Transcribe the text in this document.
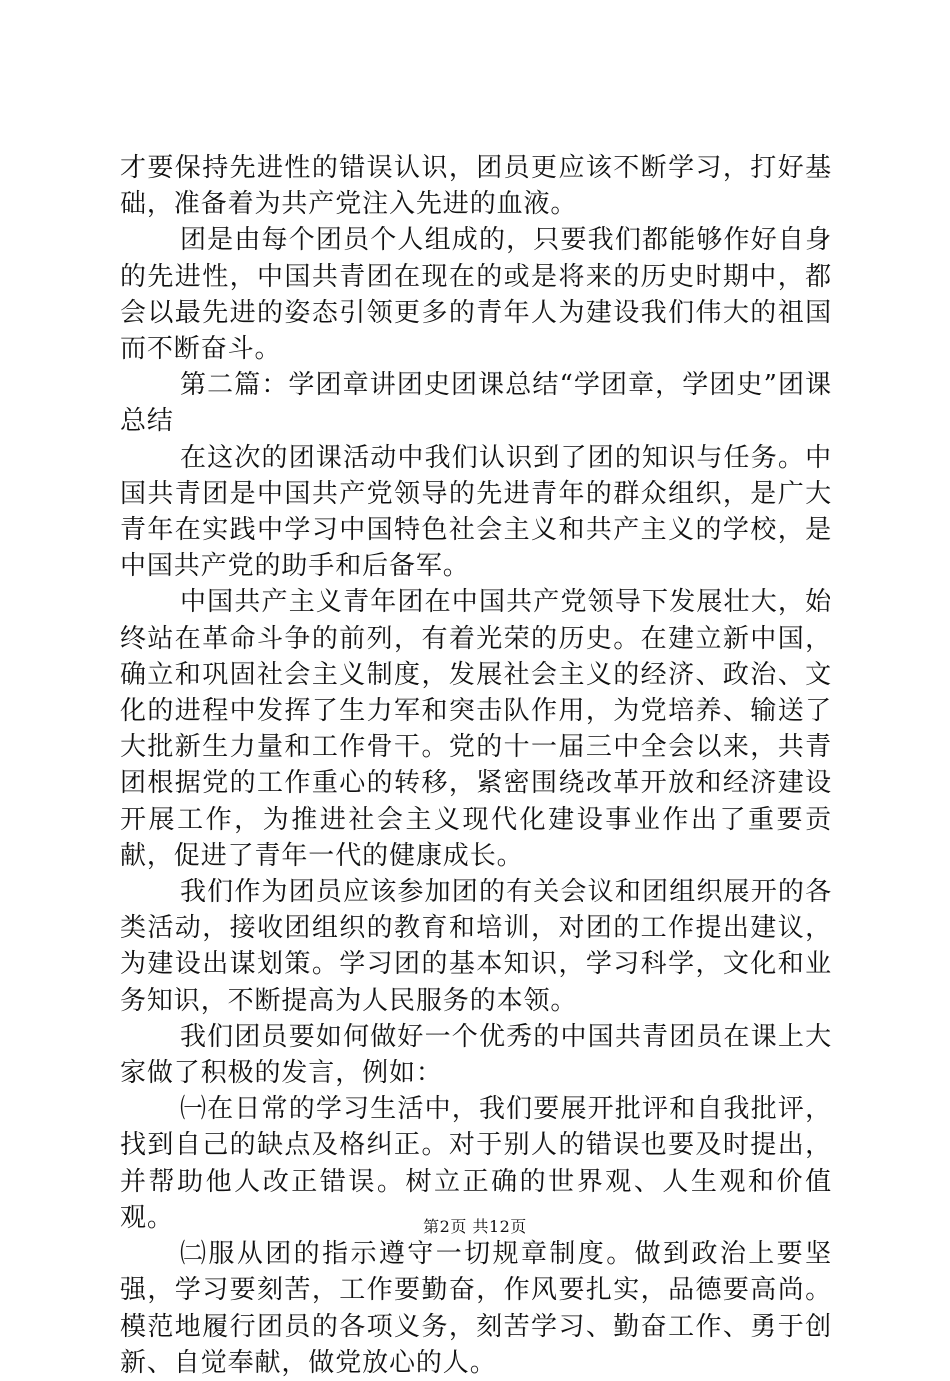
才要保持先进性的错误认识，团员更应该不断学习，打好基础，准备着为共产党注入先进的血液。

团是由每个团员个人组成的，只要我们都能够作好自身的先进性，中国共青团在现在的或是将来的历史时期中，都会以最先进的姿态引领更多的青年人为建设我们伟大的祖国而不断奋斗。

第二篇：学团章讲团史团课总结“学团章，学团史”团课总结

在这次的团课活动中我们认识到了团的知识与任务。中国共青团是中国共产党领导的先进青年的群众组织，是广大青年在实践中学习中国特色社会主义和共产主义的学校，是中国共产党的助手和后备军。

中国共产主义青年团在中国共产党领导下发展壮大，始终站在革命斗争的前列，有着光荣的历史。在建立新中国，确立和巩固社会主义制度，发展社会主义的经济、政治、文化的进程中发挥了生力军和突击队作用，为党培养、输送了大批新生力量和工作骨干。党的十一届三中全会以来，共青团根据党的工作重心的转移，紧密围绕改革开放和经济建设开展工作，为推进社会主义现代化建设事业作出了重要贡献，促进了青年一代的健康成长。

我们作为团员应该参加团的有关会议和团组织展开的各类活动，接收团组织的教育和培训，对团的工作提出建议，为建设出谋划策。学习团的基本知识，学习科学，文化和业务知识，不断提高为人民服务的本领。

我们团员要如何做好一个优秀的中国共青团员在课上大家做了积极的发言，例如：

㈠在日常的学习生活中，我们要展开批评和自我批评，找到自己的缺点及格纠正。对于别人的错误也要及时提出，并帮助他人改正错误。树立正确的世界观、人生观和价值观。

㈡服从团的指示遵守一切规章制度。做到政治上要坚强，学习要刻苦，工作要勤奋，作风要扎实，品德要高尚。模范地履行团员的各项义务，刻苦学习、勤奋工作、勇于创新、自觉奉献，做党放心的人。

第2页 共12页
